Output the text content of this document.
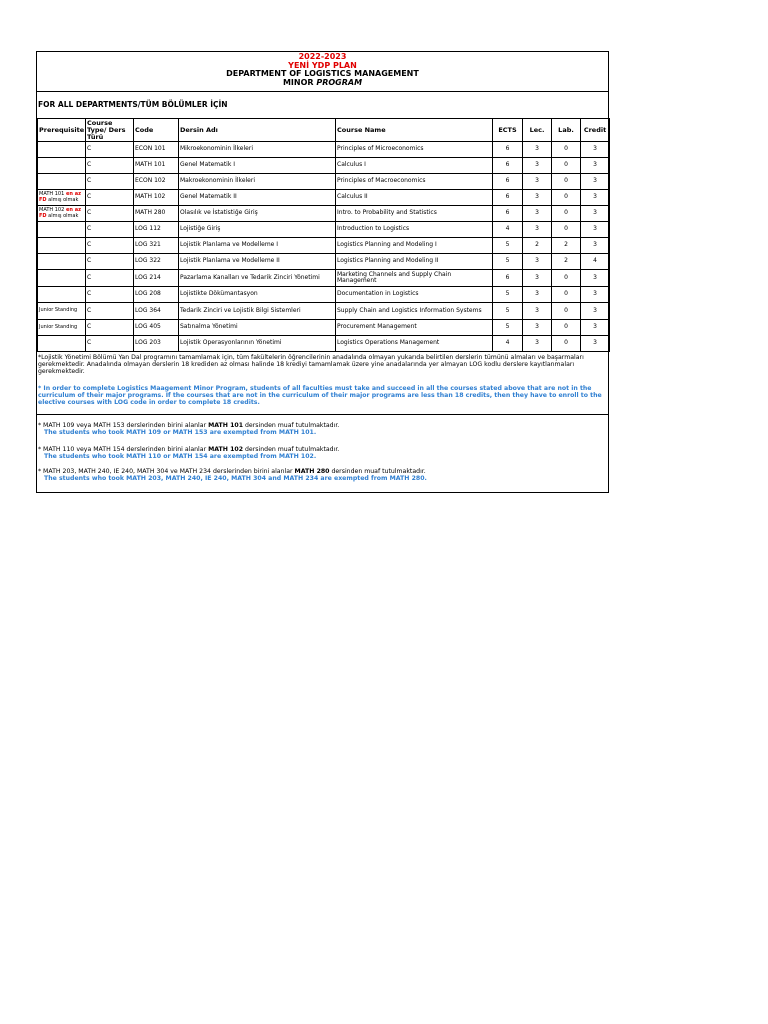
2022-2023
YENİ YDP PLAN
DEPARTMENT OF LOGISTICS MANAGEMENT
MINOR PROGRAM
FOR ALL DEPARTMENTS/TÜM BÖLÜMLER İÇİN
Prerequisite	Course Type/ Ders Türü	Code	Dersin Adı	Course Name	ECTS	Lec.	Lab.	Credit
	C	ECON 101	Mikroekonominin İlkeleri	Principles of Microeconomics	6	3	0	3
	C	MATH 101	Genel Matematik I	Calculus I	6	3	0	3
	C	ECON 102	Makroekonominin İlkeleri	Principles of Macroeconomics	6	3	0	3
MATH 101 en az FD almış olmak	C	MATH 102	Genel Matematik II	Calculus II	6	3	0	3
MATH 102 en az FD almış olmak	C	MATH 280	Olasılık ve İstatistiğe Giriş	Intro. to Probability and Statistics	6	3	0	3
	C	LOG 112	Lojistiğe Giriş	Introduction to Logistics	4	3	0	3
	C	LOG 321	Lojistik Planlama ve Modelleme I	Logistics Planning and Modeling I	5	2	2	3
	C	LOG 322	Lojistik Planlama ve Modelleme II	Logistics Planning and Modeling II	5	3	2	4
	C	LOG 214	Pazarlama Kanalları ve Tedarik Zinciri Yönetimi	Marketing Channels and Supply Chain Management	6	3	0	3
	C	LOG 208	Lojistikte Dökümantasyon	Documentation in Logistics	5	3	0	3
Junior Standing	C	LOG 364	Tedarik Zinciri ve Lojistik Bilgi Sistemleri	Supply Chain and Logistics Information Systems	5	3	0	3
Junior Standing	C	LOG 405	Satınalma Yönetimi	Procurement Management	5	3	0	3
	C	LOG 203	Lojistik Operasyonlarının Yönetimi	Logistics Operations Management	4	3	0	3
*Lojistik Yönetimi Bölümü Yan Dal programını tamamlamak için, tüm fakültelerin öğrencilerinin anadalında olmayan yukarıda belirtilen derslerin tümünü almaları ve başarmaları gerekmektedir. Anadalında olmayan derslerin 18 krediden az olması halinde 18 krediyi tamamlamak üzere yine anadalarında yer almayan LOG kodlu derslere kayıtlanmaları gerekmektedir.
* In order to complete Logistics Maagement Minor Program, students of all faculties must take and succeed in all the courses stated above that are not in the curriculum of their major programs. If the courses that are not in the curriculum of their major programs are less than 18 credits, then they have to enroll to the elective courses with LOG code in order to complete 18 credits.
* MATH 109 veya MATH 153 derslerinden birini alanlar MATH 101 dersinden muaf tutulmaktadır.
The students who took MATH 109 or MATH 153 are exempted from MATH 101.
* MATH 110 veya MATH 154 derslerinden birini alanlar MATH 102 dersinden muaf tutulmaktadır.
The students who took MATH 110 or MATH 154 are exempted from MATH 102.
* MATH 203, MATH 240, IE 240, MATH 304 ve MATH 234 derslerinden birini alanlar MATH 280 dersinden muaf tutulmaktadır.
The students who took MATH 203, MATH 240, IE 240, MATH 304 and MATH 234 are exempted from MATH 280.
